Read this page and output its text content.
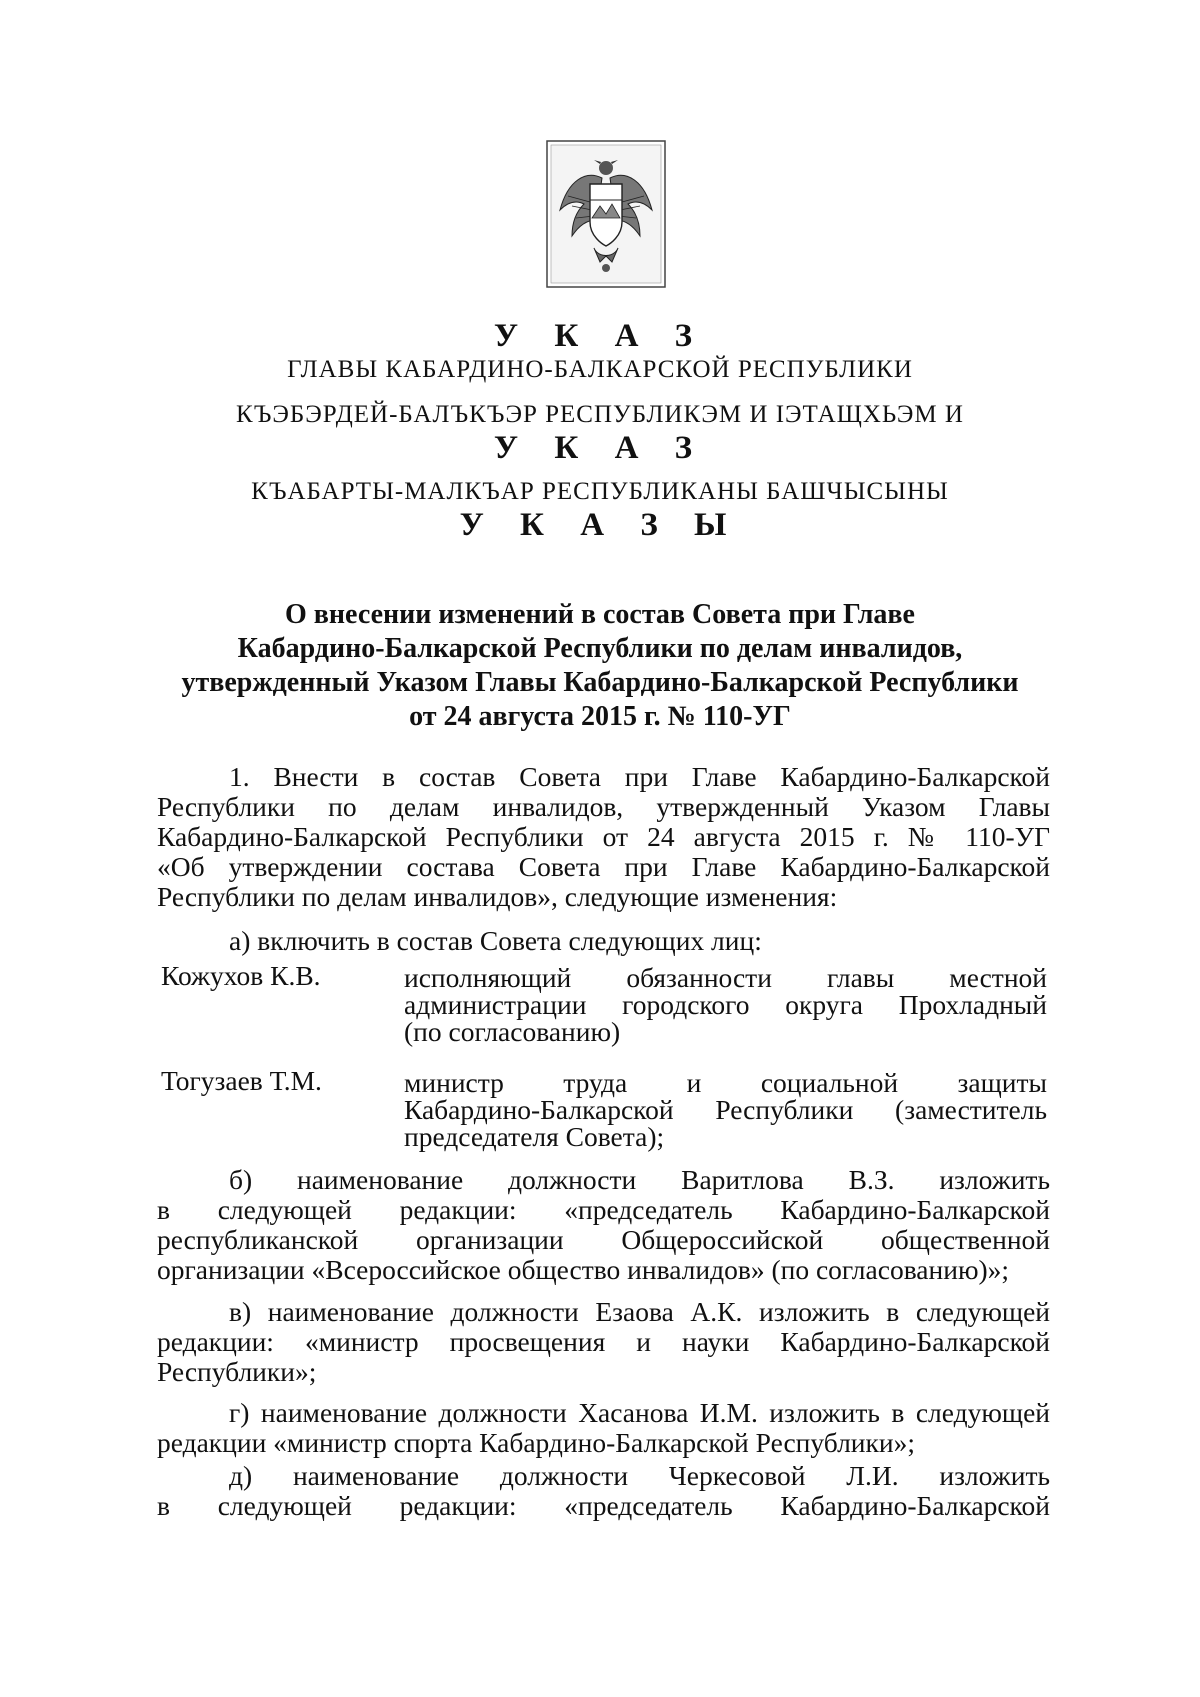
У К А З
ГЛАВЫ КАБАРДИНО-БАЛКАРСКОЙ РЕСПУБЛИКИ
КЪЭБЭРДЕЙ-БАЛЪКЪЭР РЕСПУБЛИКЭМ И IЭТАЩХЬЭМ И
У К А З
КЪАБАРТЫ-МАЛКЪАР РЕСПУБЛИКАНЫ БАШЧЫСЫНЫ
У К А З Ы
О внесении изменений в состав Совета при Главе
Кабардино-Балкарской Республики по делам инвалидов,
утвержденный Указом Главы Кабардино-Балкарской Республики
от 24 августа 2015 г. № 110-УГ
1. Внести в состав Совета при Главе Кабардино-Балкарской
Республики по делам инвалидов, утвержденный Указом Главы
Кабардино-Балкарской Республики от 24 августа 2015 г. № 110-УГ
«Об утверждении состава Совета при Главе Кабардино-Балкарской
Республики по делам инвалидов», следующие изменения:
а) включить в состав Совета следующих лиц:
Кожухов К.В.	исполняющий обязанности главы местной
администрации городского округа Прохладный
(по согласованию)
Тогузаев Т.М.	министр труда и социальной защиты
Кабардино-Балкарской Республики (заместитель
председателя Совета);
б) наименование должности Варитлова В.З. изложить
в следующей редакции: «председатель Кабардино-Балкарской
республиканской организации Общероссийской общественной
организации «Всероссийское общество инвалидов» (по согласованию)»;
в) наименование должности Езаова А.К. изложить в следующей
редакции: «министр просвещения и науки Кабардино-Балкарской
Республики»;
г) наименование должности Хасанова И.М. изложить в следующей
редакции «министр спорта Кабардино-Балкарской Республики»;
д) наименование должности Черкесовой Л.И. изложить
в следующей редакции: «председатель Кабардино-Балкарской
